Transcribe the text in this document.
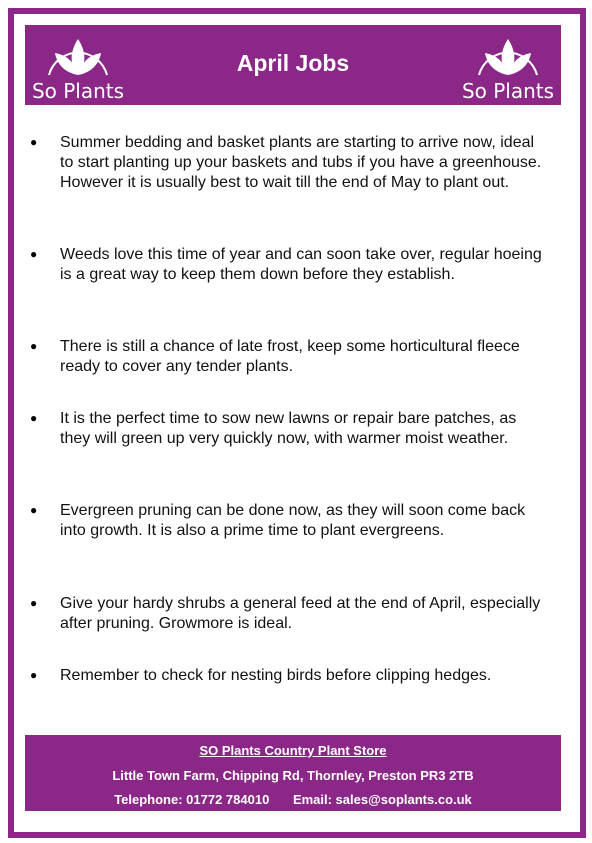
So Plants
April Jobs
So Plants
● Summer bedding and basket plants are starting to arrive now, ideal to start planting up your baskets and tubs if you have a greenhouse. However it is usually best to wait till the end of May to plant out.
● Weeds love this time of year and can soon take over, regular hoeing is a great way to keep them down before they establish.
● There is still a chance of late frost, keep some horticultural fleece ready to cover any tender plants.
● It is the perfect time to sow new lawns or repair bare patches, as they will green up very quickly now, with warmer moist weather.
● Evergreen pruning can be done now, as they will soon come back into growth. It is also a prime time to plant evergreens.
● Give your hardy shrubs a general feed at the end of April, especially after pruning. Growmore is ideal.
● Remember to check for nesting birds before clipping hedges.
SO Plants Country Plant Store
Little Town Farm, Chipping Rd, Thornley, Preston PR3 2TB
Telephone: 01772 784010 Email: sales@soplants.co.uk
